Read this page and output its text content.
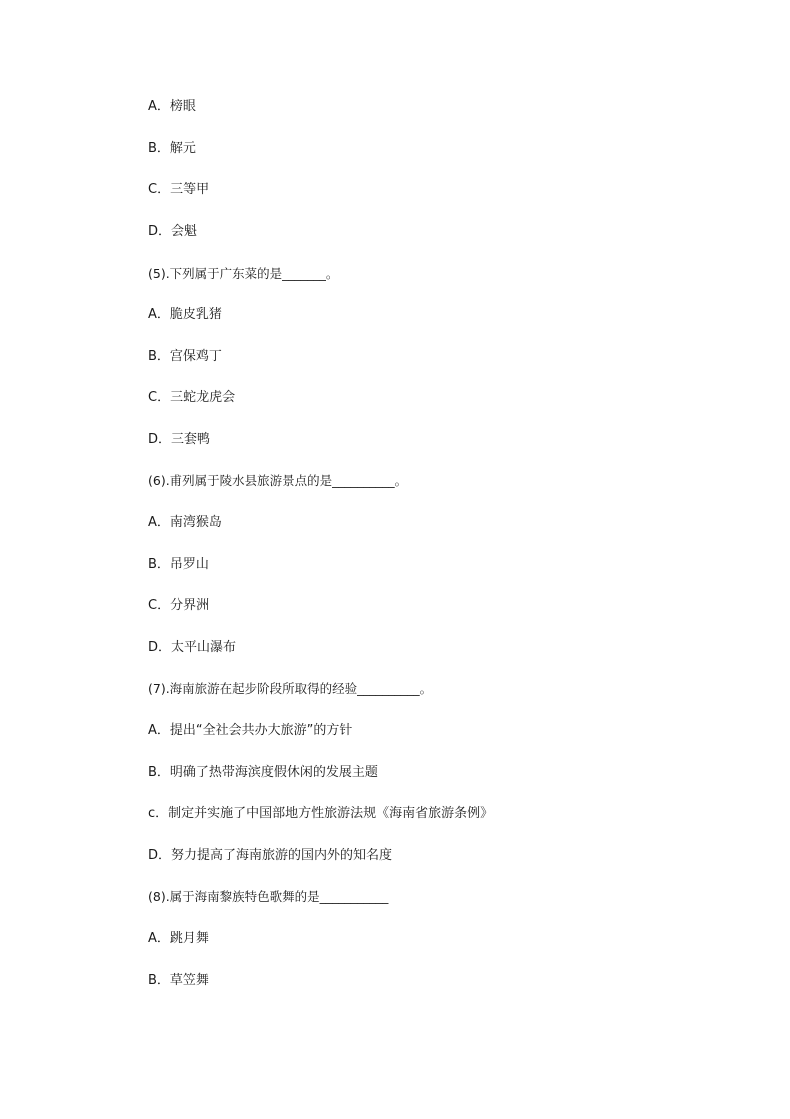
A．榜眼
B．解元
C．三等甲
D．会魁
(5).下列属于广东菜的是_______。
A．脆皮乳猪
B．宫保鸡丁
C．三蛇龙虎会
D．三套鸭
(6).甫列属于陵水县旅游景点的是__________。
A．南湾猴岛
B．吊罗山
C．分界洲
D．太平山瀑布
(7).海南旅游在起步阶段所取得的经验__________。
A．提出“全社会共办大旅游”的方针
B．明确了热带海滨度假休闲的发展主题
c．制定并实施了中国部地方性旅游法规《海南省旅游条例》
D．努力提高了海南旅游的国内外的知名度
(8).属于海南黎族特色歌舞的是___________
A．跳月舞
B．草笠舞
